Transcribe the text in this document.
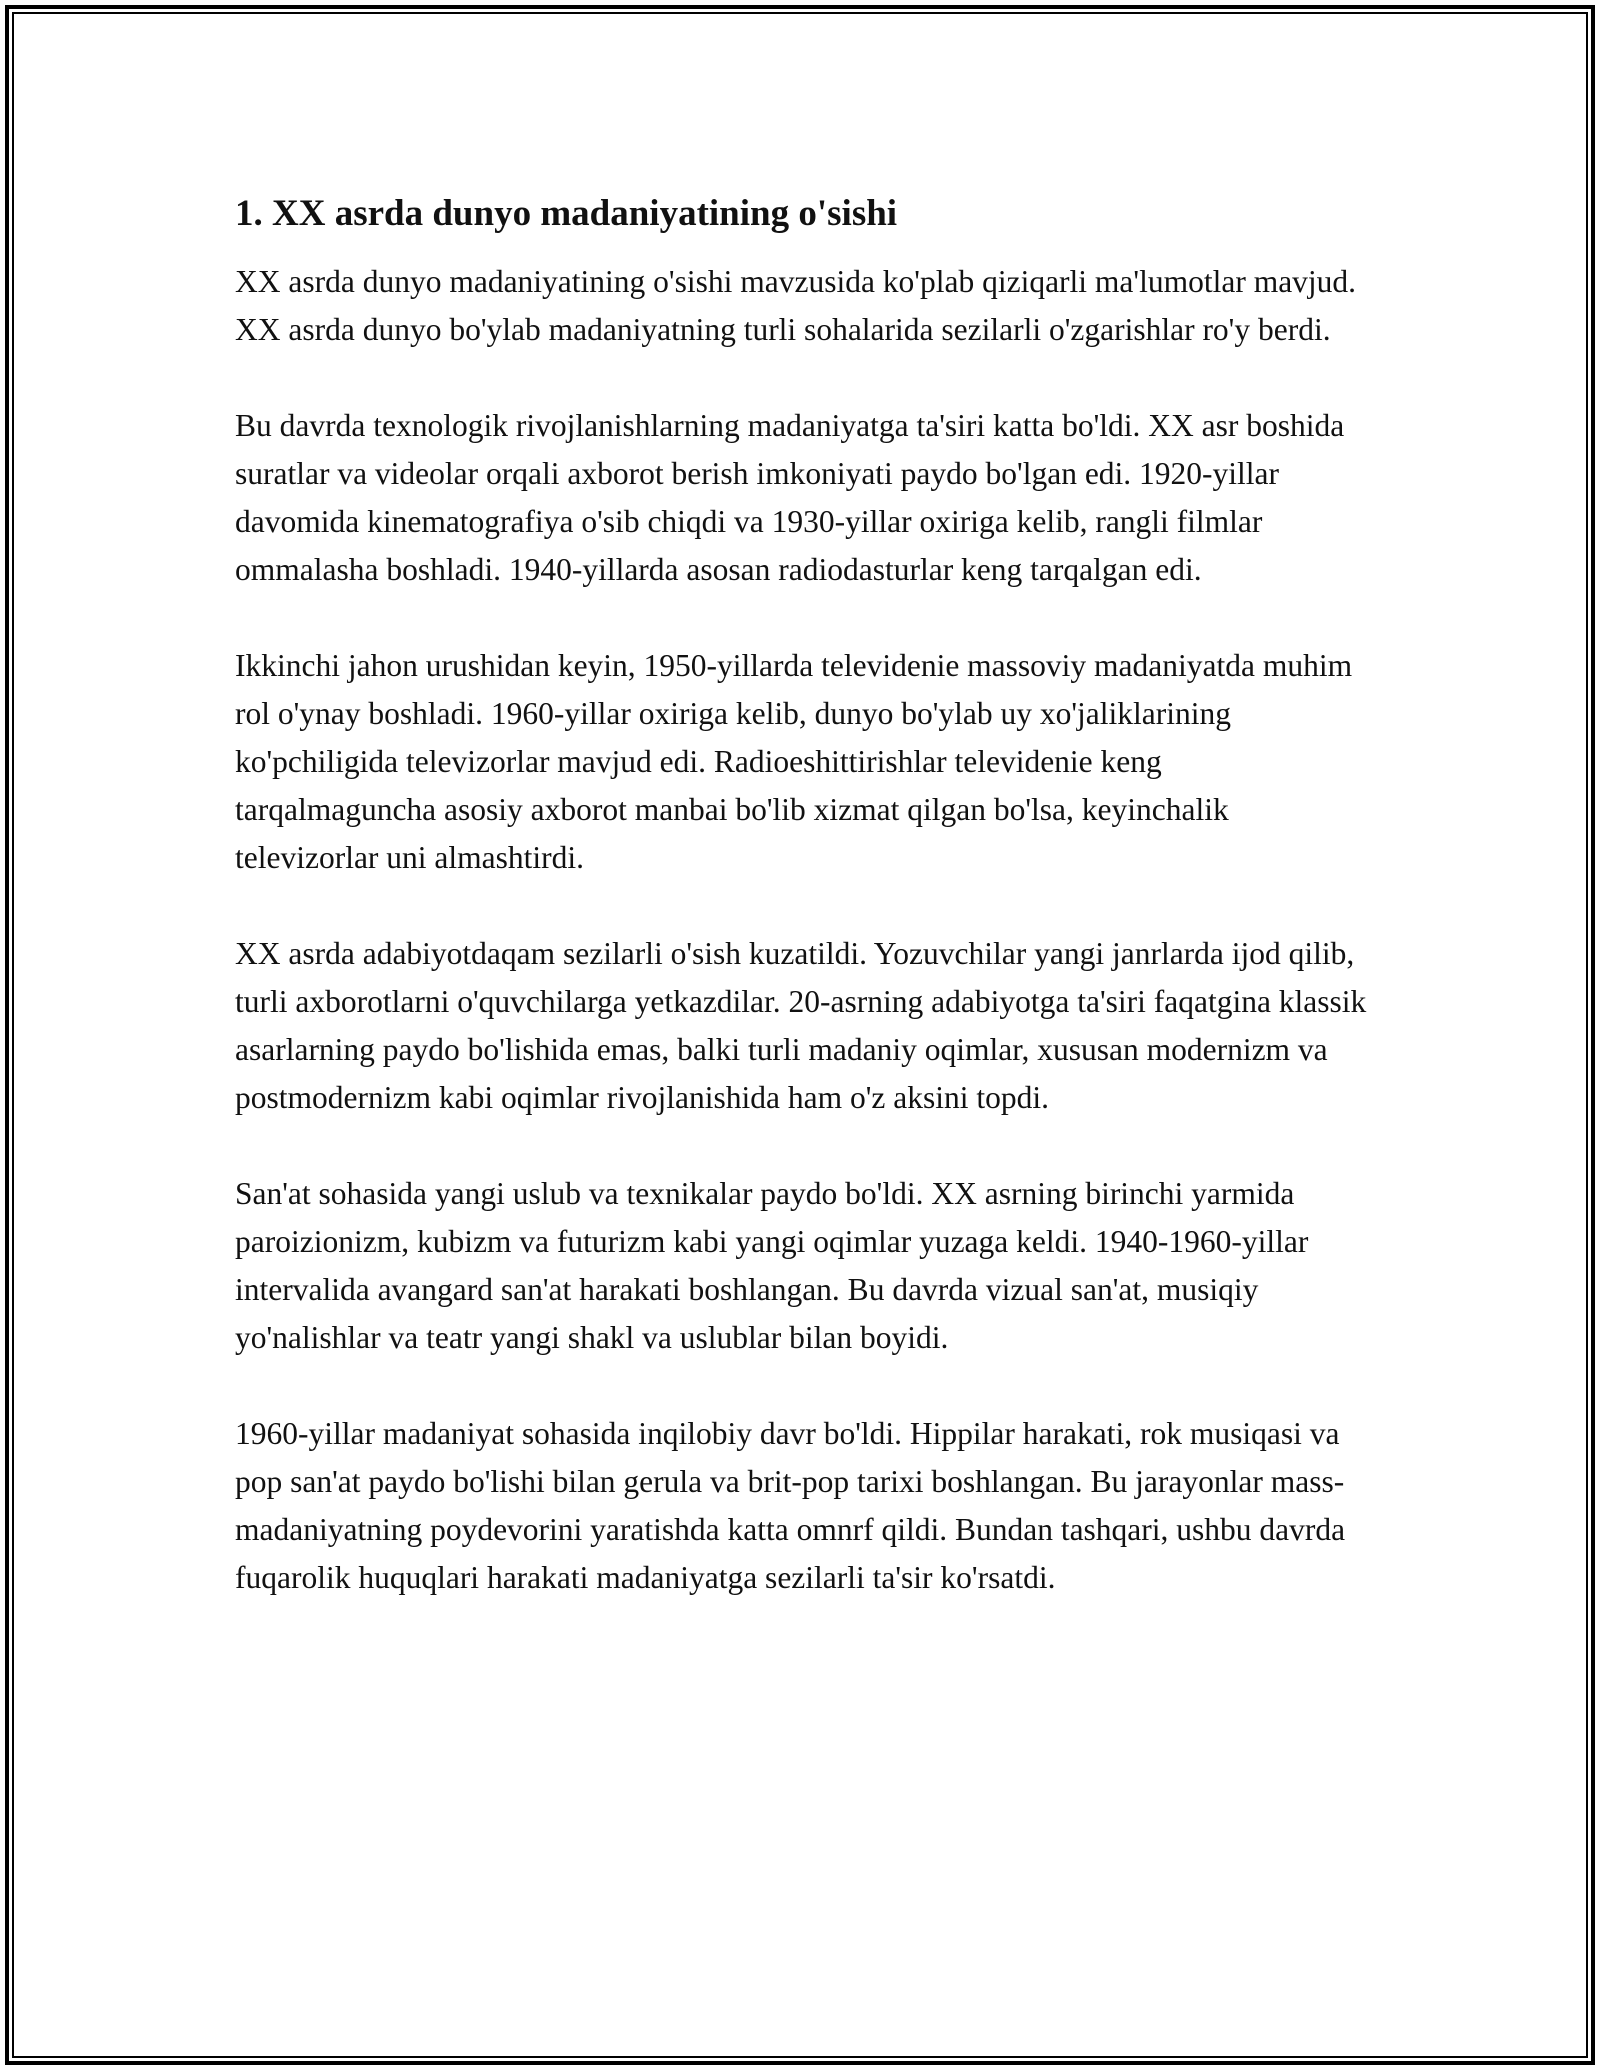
1. XX asrda dunyo madaniyatining o'sishi

XX asrda dunyo madaniyatining o'sishi mavzusida ko'plab qiziqarli ma'lumotlar mavjud. XX asrda dunyo bo'ylab madaniyatning turli sohalarida sezilarli o'zgarishlar ro'y berdi.

Bu davrda texnologik rivojlanishlarning madaniyatga ta'siri katta bo'ldi. XX asr boshida suratlar va videolar orqali axborot berish imkoniyati paydo bo'lgan edi. 1920-yillar davomida kinematografiya o'sib chiqdi va 1930-yillar oxiriga kelib, rangli filmlar ommalasha boshladi. 1940-yillarda asosan radiodasturlar keng tarqalgan edi.

Ikkinchi jahon urushidan keyin, 1950-yillarda televidenie massoviy madaniyatda muhim rol o'ynay boshladi. 1960-yillar oxiriga kelib, dunyo bo'ylab uy xo'jaliklarining ko'pchiligida televizorlar mavjud edi. Radioeshittirishlar televidenie keng tarqalmaguncha asosiy axborot manbai bo'lib xizmat qilgan bo'lsa, keyinchalik televizorlar uni almashtirdi.

XX asrda adabiyotdaqam sezilarli o'sish kuzatildi. Yozuvchilar yangi janrlarda ijod qilib, turli axborotlarni o'quvchilarga yetkazdilar. 20-asrning adabiyotga ta'siri faqatgina klassik asarlarning paydo bo'lishida emas, balki turli madaniy oqimlar, xususan modernizm va postmodernizm kabi oqimlar rivojlanishida ham o'z aksini topdi.

San'at sohasida yangi uslub va texnikalar paydo bo'ldi. XX asrning birinchi yarmida paroizionizm, kubizm va futurizm kabi yangi oqimlar yuzaga keldi. 1940-1960-yillar intervalida avangard san'at harakati boshlangan. Bu davrda vizual san'at, musiqiy yo'nalishlar va teatr yangi shakl va uslublar bilan boyidi.

1960-yillar madaniyat sohasida inqilobiy davr bo'ldi. Hippilar harakati, rok musiqasi va pop san'at paydo bo'lishi bilan gerula va brit-pop tarixi boshlangan. Bu jarayonlar mass-madaniyatning poydevorini yaratishda katta omnrf qildi. Bundan tashqari, ushbu davrda fuqarolik huquqlari harakati madaniyatga sezilarli ta'sir ko'rsatdi.
